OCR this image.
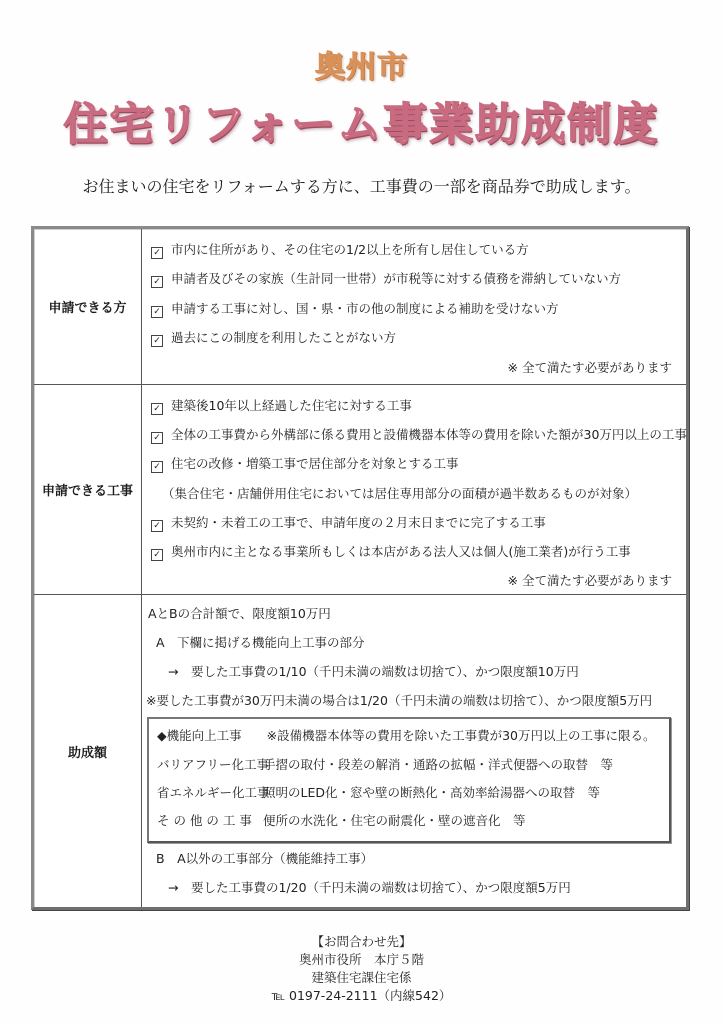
奥州市
住宅リフォーム事業助成制度
お住まいの住宅をリフォームする方に、工事費の一部を商品券で助成します。
申請できる方
✓ 市内に住所があり、その住宅の1/2以上を所有し居住している方
✓ 申請者及びその家族（生計同一世帯）が市税等に対する債務を滞納していない方
✓ 申請する工事に対し、国・県・市の他の制度による補助を受けない方
✓ 過去にこの制度を利用したことがない方
※ 全て満たす必要があります
申請できる工事
✓ 建築後10年以上経過した住宅に対する工事
✓ 全体の工事費から外構部に係る費用と設備機器本体等の費用を除いた額が30万円以上の工事
✓ 住宅の改修・増築工事で居住部分を対象とする工事
（集合住宅・店舗併用住宅においては居住専用部分の面積が過半数あるものが対象）
✓ 未契約・未着工の工事で、申請年度の２月末日までに完了する工事
✓ 奥州市内に主となる事業所もしくは本店がある法人又は個人(施工業者)が行う工事
※ 全て満たす必要があります
助成額
AとBの合計額で、限度額10万円
A　下欄に掲げる機能向上工事の部分
→　要した工事費の1/10（千円未満の端数は切捨て）、かつ限度額10万円
※要した工事費が30万円未満の場合は1/20（千円未満の端数は切捨て）、かつ限度額5万円
B　A以外の工事部分（機能維持工事）
→　要した工事費の1/20（千円未満の端数は切捨て）、かつ限度額5万円
◆機能向上工事　　※設備機器本体等の費用を除いた工事費が30万円以上の工事に限る。
バリアフリー化工事手摺の取付・段差の解消・通路の拡幅・洋式便器への取替　等
省エネルギー化工事照明のLED化・窓や壁の断熱化・高効率給湯器への取替　等
そ の 他 の 工 事 便所の水洗化・住宅の耐震化・壁の遮音化　等
【お問合わせ先】
奥州市役所　本庁５階
建築住宅課住宅係
℡ 0197-24-2111（内線542）
